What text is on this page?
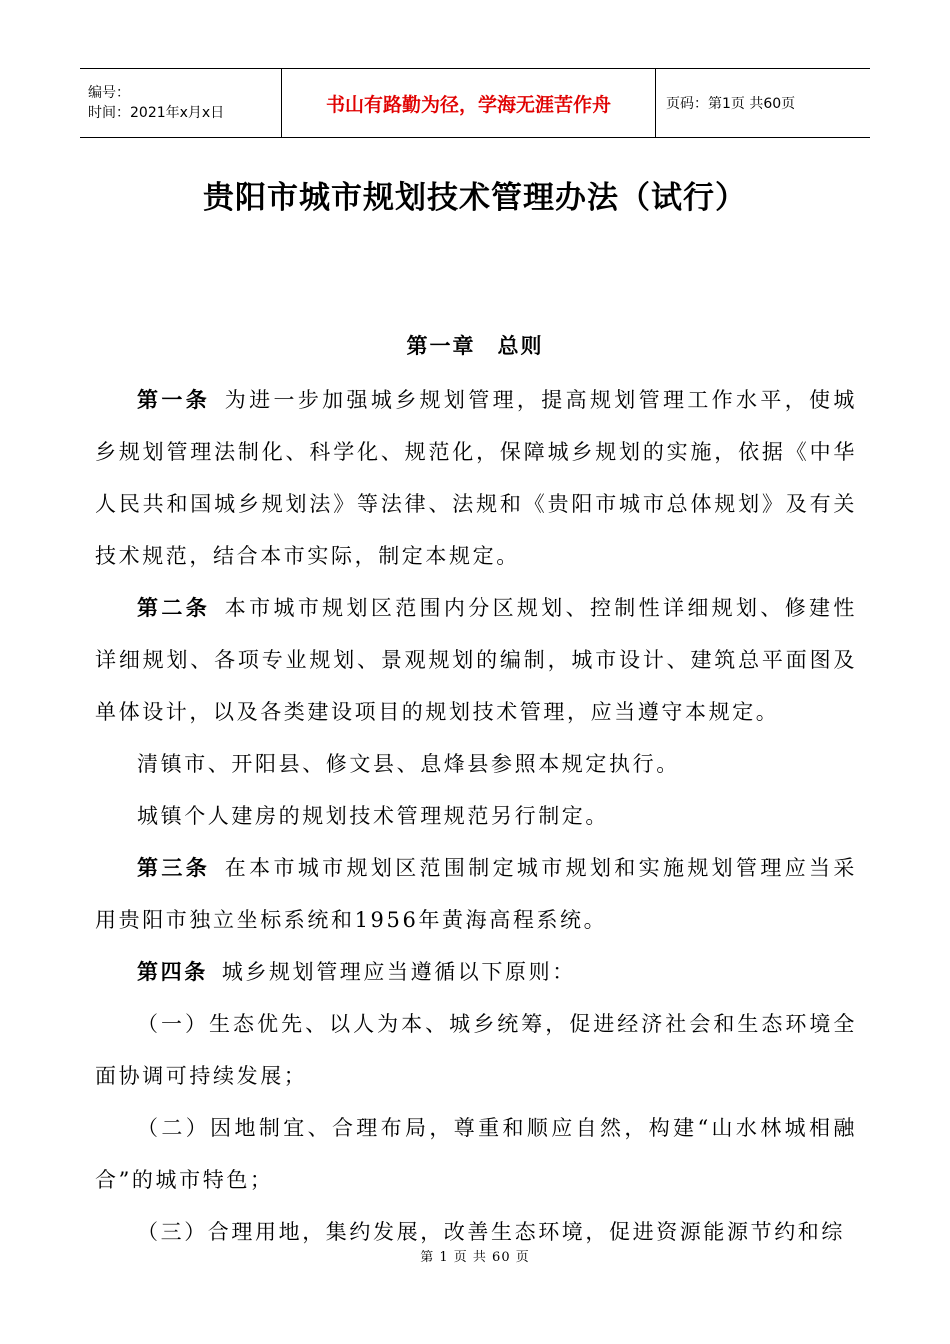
编号：
时间：2021年x月x日	书山有路勤为径，学海无涯苦作舟	页码：第1页 共60页
贵阳市城市规划技术管理办法（试行）
第一章 总则

第一条 为进一步加强城乡规划管理，提高规划管理工作水平，使城乡规划管理法制化、科学化、规范化，保障城乡规划的实施，依据《中华人民共和国城乡规划法》等法律、法规和《贵阳市城市总体规划》及有关技术规范，结合本市实际，制定本规定。

第二条 本市城市规划区范围内分区规划、控制性详细规划、修建性详细规划、各项专业规划、景观规划的编制，城市设计、建筑总平面图及单体设计，以及各类建设项目的规划技术管理，应当遵守本规定。

清镇市、开阳县、修文县、息烽县参照本规定执行。

城镇个人建房的规划技术管理规范另行制定。

第三条 在本市城市规划区范围制定城市规划和实施规划管理应当采用贵阳市独立坐标系统和1956年黄海高程系统。

第四条 城乡规划管理应当遵循以下原则：

（一）生态优先、以人为本、城乡统筹，促进经济社会和生态环境全面协调可持续发展；

（二）因地制宜、合理布局，尊重和顺应自然，构建“山水林城相融合”的城市特色；

（三）合理用地，集约发展，改善生态环境，促进资源能源节约和综

第 1 页 共 60 页
